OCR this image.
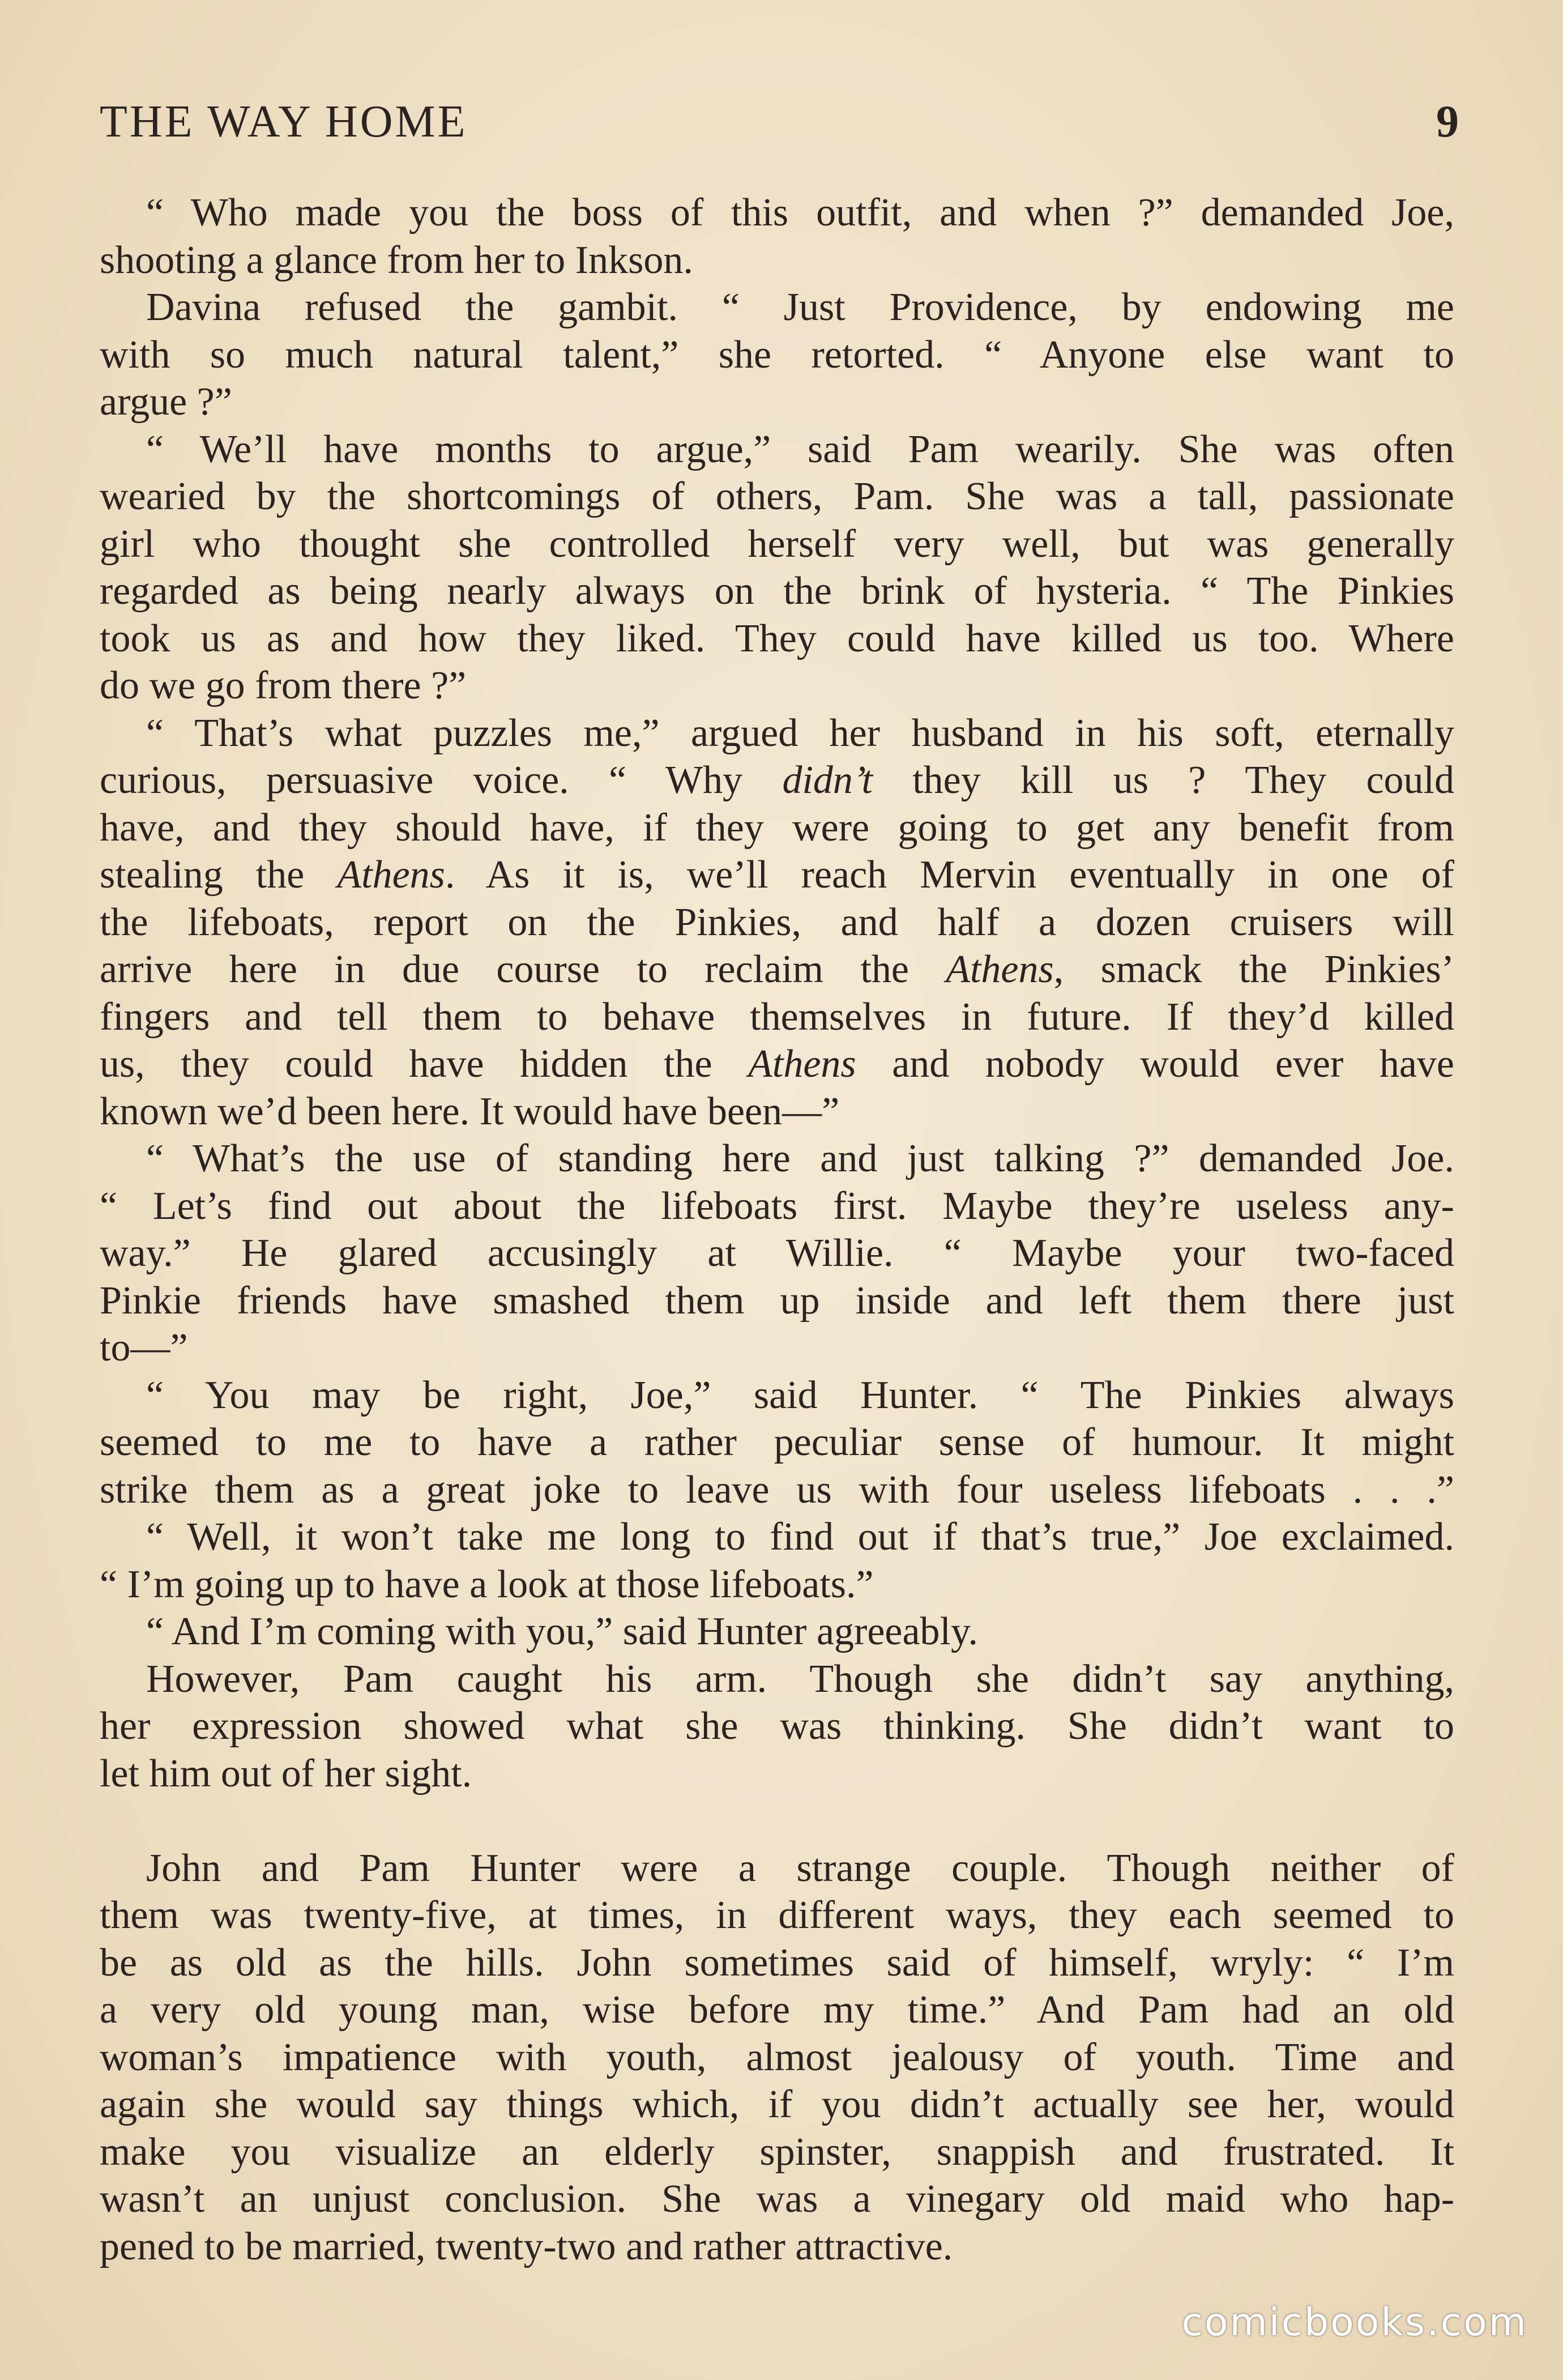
THE WAY HOME	9
“ Who made you the boss of this outfit, and when ?” demanded Joe,
shooting a glance from her to Inkson.
Davina refused the gambit. “ Just Providence, by endowing me
with so much natural talent,” she retorted. “ Anyone else want to
argue ?”
“ We’ll have months to argue,” said Pam wearily. She was often
wearied by the shortcomings of others, Pam. She was a tall, passionate
girl who thought she controlled herself very well, but was generally
regarded as being nearly always on the brink of hysteria. “ The Pinkies
took us as and how they liked. They could have killed us too. Where
do we go from there ?”
“ That’s what puzzles me,” argued her husband in his soft, eternally
curious, persuasive voice. “ Why didn’t they kill us ? They could
have, and they should have, if they were going to get any benefit from
stealing the Athens. As it is, we’ll reach Mervin eventually in one of
the lifeboats, report on the Pinkies, and half a dozen cruisers will
arrive here in due course to reclaim the Athens, smack the Pinkies’
fingers and tell them to behave themselves in future. If they’d killed
us, they could have hidden the Athens and nobody would ever have
known we’d been here. It would have been—”
“ What’s the use of standing here and just talking ?” demanded Joe.
“ Let’s find out about the lifeboats first. Maybe they’re useless any-
way.” He glared accusingly at Willie. “ Maybe your two-faced
Pinkie friends have smashed them up inside and left them there just
to—”
“ You may be right, Joe,” said Hunter. “ The Pinkies always
seemed to me to have a rather peculiar sense of humour. It might
strike them as a great joke to leave us with four useless lifeboats . . .”
“ Well, it won’t take me long to find out if that’s true,” Joe exclaimed.
“ I’m going up to have a look at those lifeboats.”
“ And I’m coming with you,” said Hunter agreeably.
However, Pam caught his arm. Though she didn’t say anything,
her expression showed what she was thinking. She didn’t want to
let him out of her sight.
John and Pam Hunter were a strange couple. Though neither of
them was twenty-five, at times, in different ways, they each seemed to
be as old as the hills. John sometimes said of himself, wryly: “ I’m
a very old young man, wise before my time.” And Pam had an old
woman’s impatience with youth, almost jealousy of youth. Time and
again she would say things which, if you didn’t actually see her, would
make you visualize an elderly spinster, snappish and frustrated. It
wasn’t an unjust conclusion. She was a vinegary old maid who hap-
pened to be married, twenty-two and rather attractive.
comicbooks.com
